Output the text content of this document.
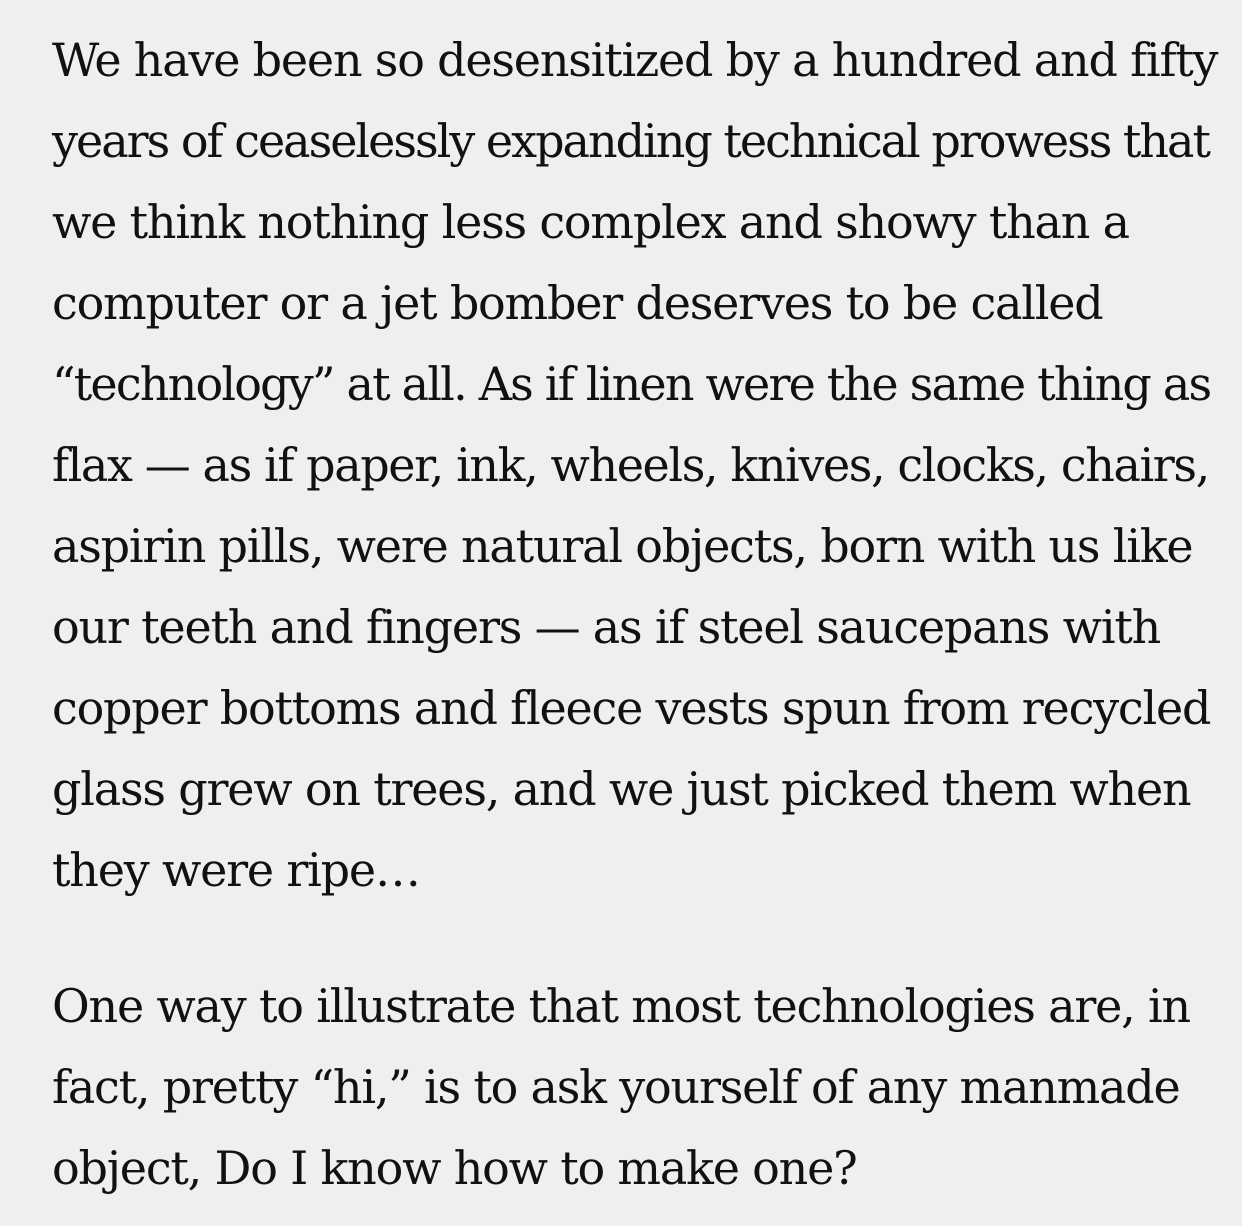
We have been so desensitized by a hundred and fifty

years of ceaselessly expanding technical prowess that

we think nothing less complex and showy than a

computer or a jet bomber deserves to be called

“technology” at all. As if linen were the same thing as

flax — as if paper, ink, wheels, knives, clocks, chairs,

aspirin pills, were natural objects, born with us like

our teeth and fingers — as if steel saucepans with

copper bottoms and fleece vests spun from recycled

glass grew on trees, and we just picked them when

they were ripe…

One way to illustrate that most technologies are, in

fact, pretty “hi,” is to ask yourself of any manmade

object, Do I know how to make one?
